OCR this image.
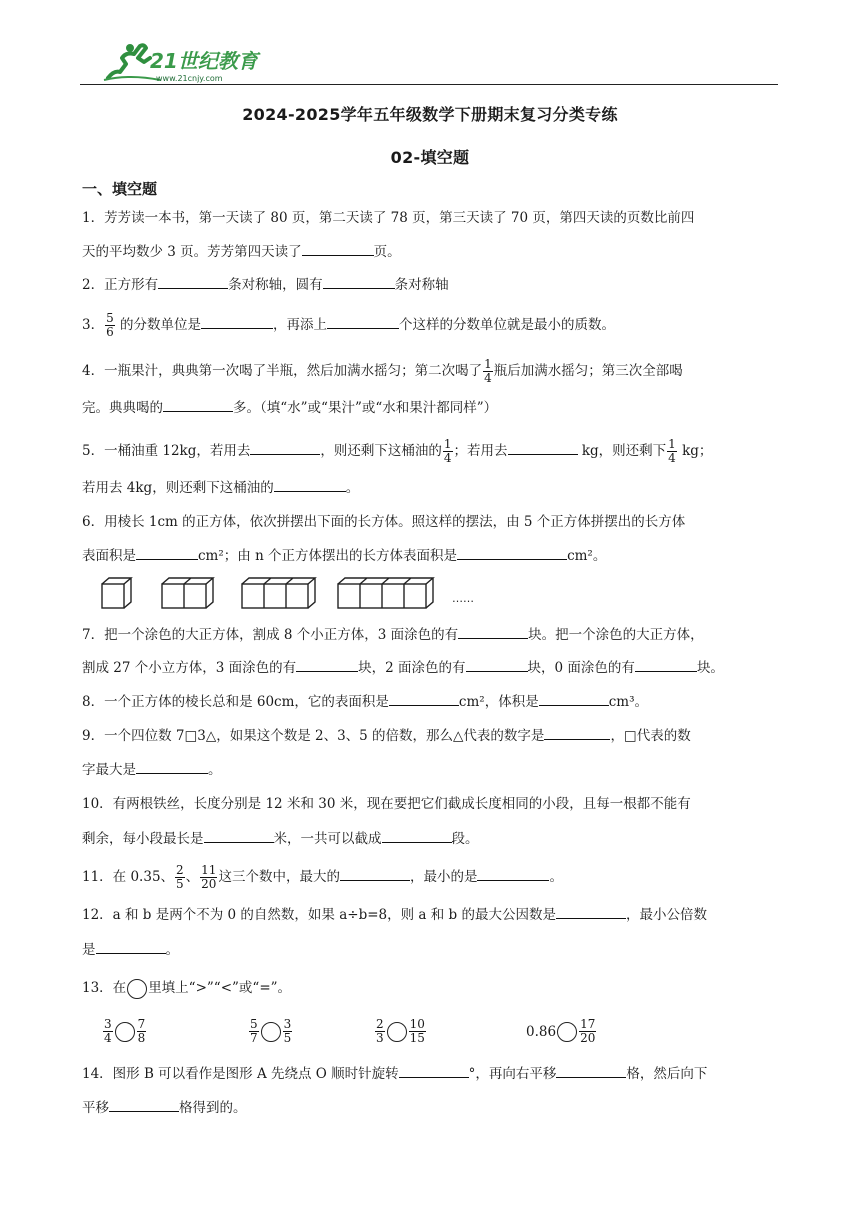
21世纪教育
www.21cnjy.com
2024-2025学年五年级数学下册期末复习分类专练
02-填空题
一、填空题
1．芳芳读一本书，第一天读了 80 页，第二天读了 78 页，第三天读了 70 页，第四天读的页数比前四
天的平均数少 3 页。芳芳第四天读了	页。
2．正方形有	条对称轴，圆有	条对称轴
3． $\frac{5}{6}$ 的分数单位是	，再添上	个这样的分数单位就是最小的质数。
4．一瓶果汁，典典第一次喝了半瓶，然后加满水摇匀；第二次喝了 $\frac{1}{4}$ 瓶后加满水摇匀；第三次全部喝
完。典典喝的	多。（填“水”或“果汁”或“水和果汁都同样”）
5．一桶油重 12kg，若用去	，则还剩下这桶油的 $\frac{1}{4}$ ；若用去	kg，则还剩下 $\frac{1}{4}$ kg；
若用去 4kg，则还剩下这桶油的	。
6．用棱长 1cm 的正方体，依次拼摆出下面的长方体。照这样的摆法，由 5 个正方体拼摆出的长方体
表面积是	cm²；由 n 个正方体摆出的长方体表面积是	cm²。
……
7．把一个涂色的大正方体，割成 8 个小正方体，3 面涂色的有	块。把一个涂色的大正方体，
割成 27 个小立方体，3 面涂色的有	块，2 面涂色的有	块，0 面涂色的有	块。
8．一个正方体的棱长总和是 60cm，它的表面积是	cm²，体积是	cm³。
9．一个四位数 7□3△，如果这个数是 2、3、5 的倍数，那么△代表的数字是	，□代表的数
字最大是	。
10．有两根铁丝，长度分别是 12 米和 30 米，现在要把它们截成长度相同的小段，且每一根都不能有
剩余，每小段最长是	米，一共可以截成	段。
11．在 0.35、 $\frac{2}{5}$ 、 $\frac{11}{20}$ 这三个数中，最大的	，最小的是	。
12．a 和 b 是两个不为 0 的自然数，如果 a÷b=8，则 a 和 b 的最大公因数是	，最小公倍数
是	。
13．在 里填上“>”“<”或“=”。
$\frac{3}{4} \frac{7}{8}$	$\frac{5}{7} \frac{3}{5}$	$\frac{2}{3} \frac{10}{15}$	$0.86 \frac{17}{20}$
14．图形 B 可以看作是图形 A 先绕点 O 顺时针旋转	°，再向右平移	格，然后向下
平移	格得到的。
